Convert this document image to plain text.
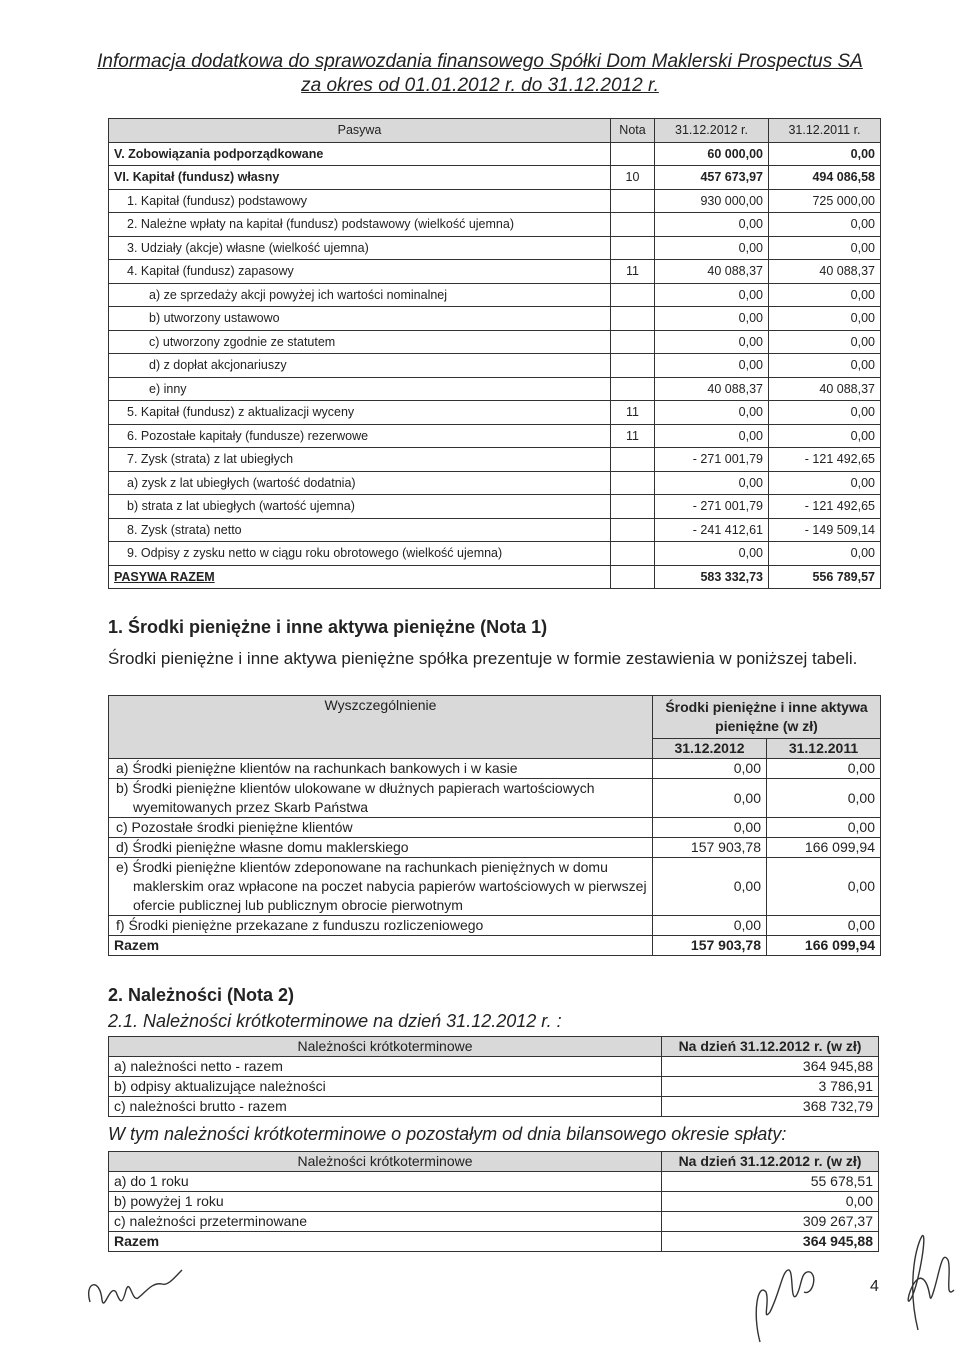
Informacja dodatkowa do sprawozdania finansowego Spółki Dom Maklerski Prospectus SA
za okres od 01.01.2012 r. do 31.12.2012 r.
Pasywa	Nota	31.12.2012 r.	31.12.2011 r.
V. Zobowiązania podporządkowane		60 000,00	0,00
VI. Kapitał (fundusz) własny	10	457 673,97	494 086,58
1. Kapitał (fundusz) podstawowy		930 000,00	725 000,00
2. Należne wpłaty na kapitał (fundusz) podstawowy (wielkość ujemna)		0,00	0,00
3. Udziały (akcje) własne (wielkość ujemna)		0,00	0,00
4. Kapitał (fundusz) zapasowy	11	40 088,37	40 088,37
a) ze sprzedaży akcji powyżej ich wartości nominalnej		0,00	0,00
b) utworzony ustawowo		0,00	0,00
c) utworzony zgodnie ze statutem		0,00	0,00
d) z dopłat akcjonariuszy		0,00	0,00
e) inny		40 088,37	40 088,37
5. Kapitał (fundusz) z aktualizacji wyceny	11	0,00	0,00
6. Pozostałe kapitały (fundusze) rezerwowe	11	0,00	0,00
7. Zysk (strata) z lat ubiegłych		- 271 001,79	- 121 492,65
a) zysk z lat ubiegłych (wartość dodatnia)		0,00	0,00
b) strata z lat ubiegłych (wartość ujemna)		- 271 001,79	- 121 492,65
8. Zysk (strata) netto		- 241 412,61	- 149 509,14
9. Odpisy z zysku netto w ciągu roku obrotowego (wielkość ujemna)		0,00	0,00
PASYWA RAZEM		583 332,73	556 789,57
1. Środki pieniężne i inne aktywa pieniężne (Nota 1)
Środki pieniężne i inne aktywa pieniężne spółka prezentuje w formie zestawienia w poniższej tabeli.
Wyszczególnienie	Środki pieniężne i inne aktywa pieniężne (w zł)	
	31.12.2012	31.12.2011
a) Środki pieniężne klientów na rachunkach bankowych i w kasie	0,00	0,00
b) Środki pieniężne klientów ulokowane w dłużnych papierach wartościowych wyemitowanych przez Skarb Państwa	0,00	0,00
c) Pozostałe środki pieniężne klientów	0,00	0,00
d) Środki pieniężne własne domu maklerskiego	157 903,78	166 099,94
e) Środki pieniężne klientów zdeponowane na rachunkach pieniężnych w domu maklerskim oraz wpłacone na poczet nabycia papierów wartościowych w pierwszej ofercie publicznej lub publicznym obrocie pierwotnym	0,00	0,00
f) Środki pieniężne przekazane z funduszu rozliczeniowego	0,00	0,00
Razem	157 903,78	166 099,94
2. Należności (Nota 2)
2.1. Należności krótkoterminowe na dzień 31.12.2012 r. :
Należności krótkoterminowe	Na dzień 31.12.2012 r. (w zł)
a) należności netto - razem	364 945,88
b) odpisy aktualizujące należności	3 786,91
c) należności brutto - razem	368 732,79
W tym należności krótkoterminowe o pozostałym od dnia bilansowego okresie spłaty:
Należności krótkoterminowe	Na dzień 31.12.2012 r. (w zł)
a) do 1 roku	55 678,51
b) powyżej 1 roku	0,00
c) należności przeterminowane	309 267,37
Razem	364 945,88
4
